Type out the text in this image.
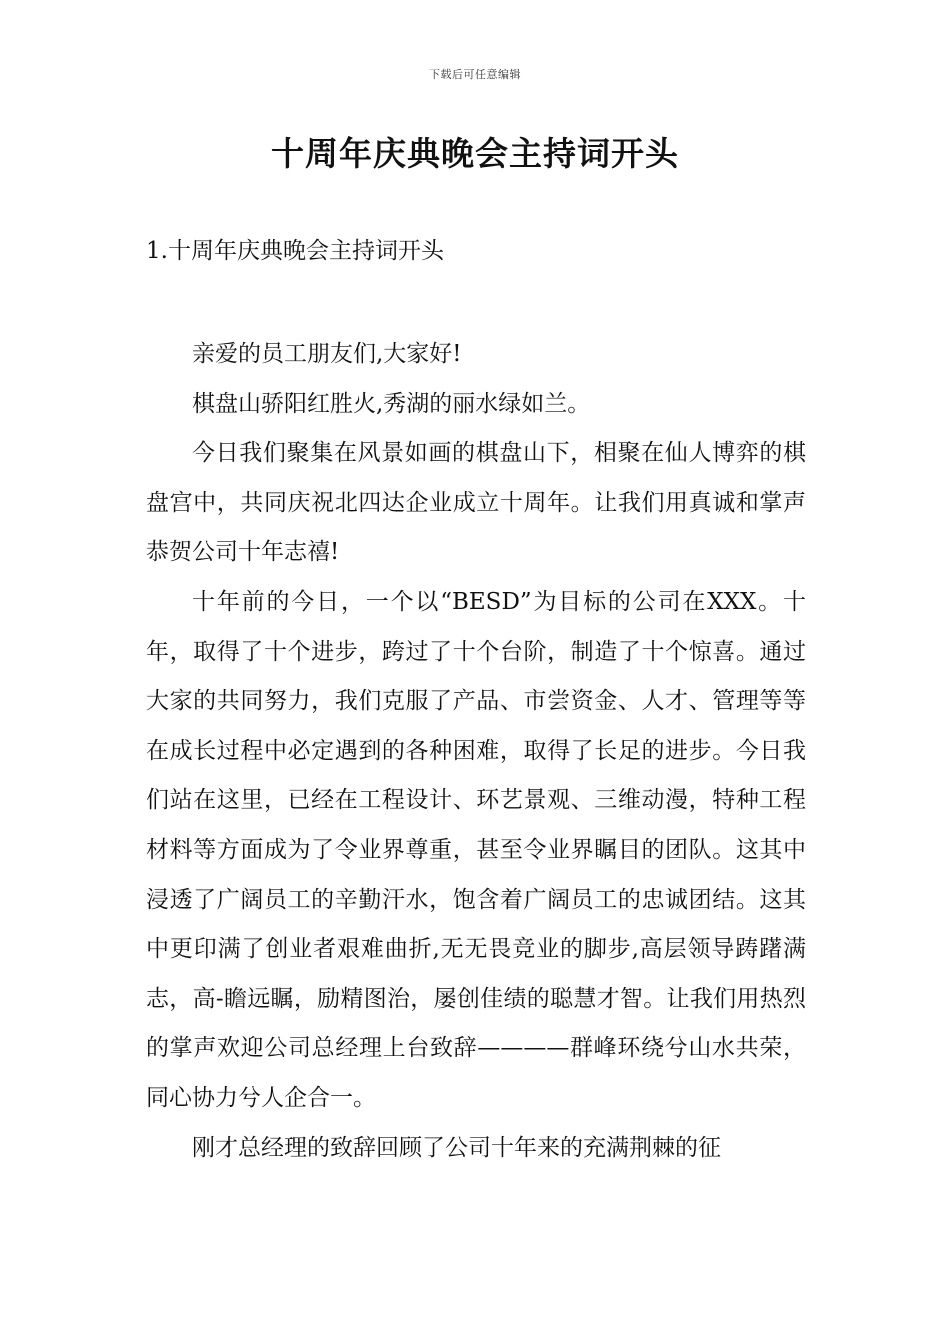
下载后可任意编辑
十周年庆典晚会主持词开头
1.十周年庆典晚会主持词开头

亲爱的员工朋友们,大家好!

棋盘山骄阳红胜火,秀湖的丽水绿如兰。

今日我们聚集在风景如画的棋盘山下，相聚在仙人博弈的棋盘宫中，共同庆祝北四达企业成立十周年。让我们用真诚和掌声恭贺公司十年志禧!

十年前的今日，一个以“BESD”为目标的公司在XXX。十年，取得了十个进步，跨过了十个台阶，制造了十个惊喜。通过大家的共同努力，我们克服了产品、市尝资金、人才、管理等等在成长过程中必定遇到的各种困难，取得了长足的进步。今日我们站在这里，已经在工程设计、环艺景观、三维动漫，特种工程材料等方面成为了令业界尊重，甚至令业界瞩目的团队。这其中浸透了广阔员工的辛勤汗水，饱含着广阔员工的忠诚团结。这其中更印满了创业者艰难曲折,无无畏竞业的脚步,高层领导踌躇满志，高-瞻远瞩，励精图治，屡创佳绩的聪慧才智。让我们用热烈的掌声欢迎公司总经理上台致辞————群峰环绕兮山水共荣，同心协力兮人企合一。

刚才总经理的致辞回顾了公司十年来的充满荆棘的征
